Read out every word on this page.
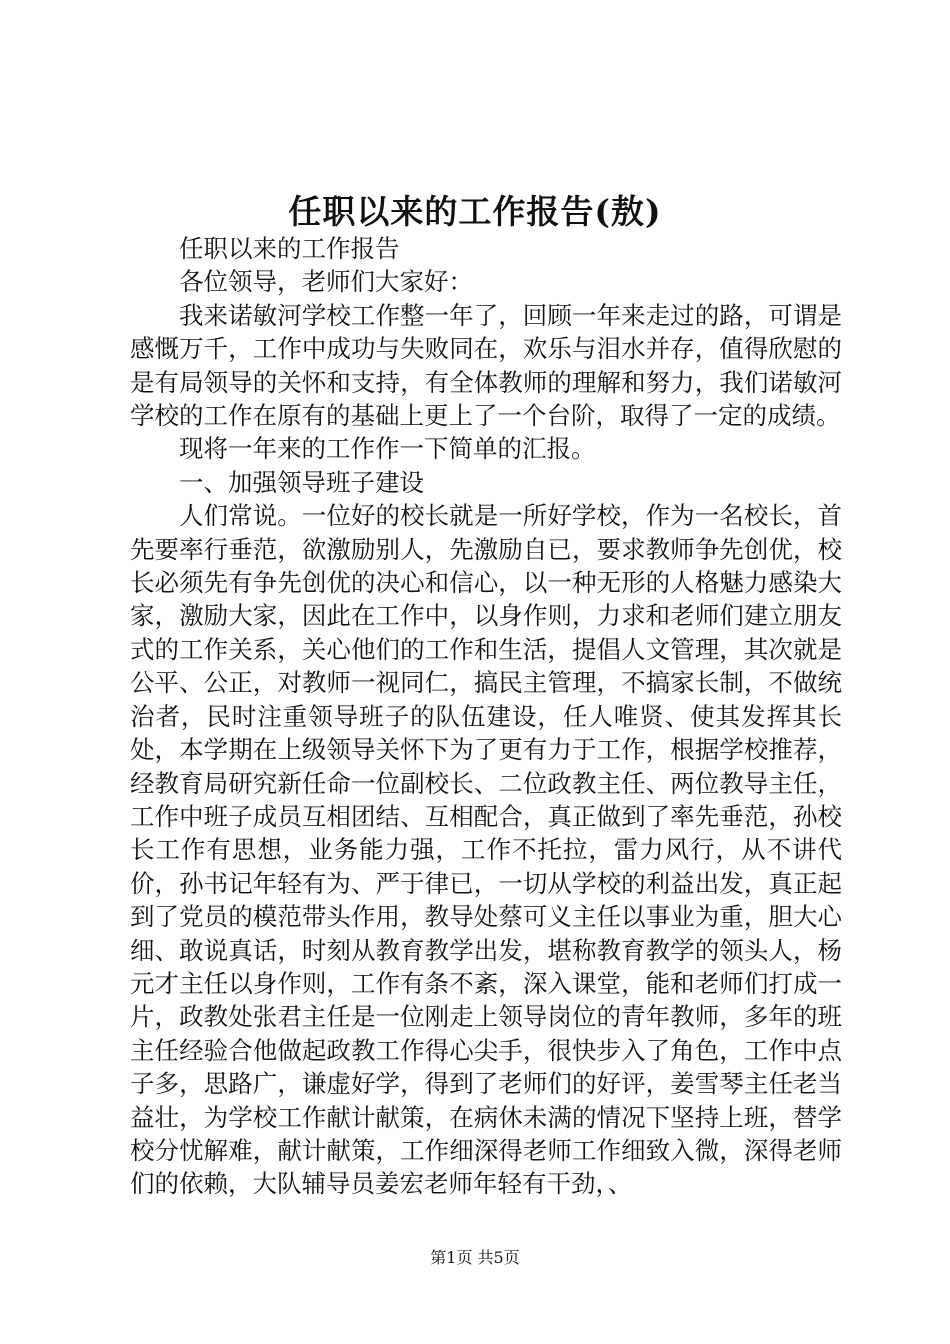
任职以来的工作报告(敖)

任职以来的工作报告

各位领导，老师们大家好：

我来诺敏河学校工作整一年了，回顾一年来走过的路，可谓是感慨万千，工作中成功与失败同在，欢乐与泪水并存，值得欣慰的是有局领导的关怀和支持，有全体教师的理解和努力，我们诺敏河学校的工作在原有的基础上更上了一个台阶，取得了一定的成绩。

现将一年来的工作作一下简单的汇报。

一、加强领导班子建设

人们常说。一位好的校长就是一所好学校，作为一名校长，首先要率行垂范，欲激励别人，先激励自已，要求教师争先创优，校长必须先有争先创优的决心和信心，以一种无形的人格魅力感染大家，激励大家，因此在工作中，以身作则，力求和老师们建立朋友式的工作关系，关心他们的工作和生活，提倡人文管理，其次就是公平、公正，对教师一视同仁，搞民主管理，不搞家长制，不做统治者，民时注重领导班子的队伍建设，任人唯贤、使其发挥其长处，本学期在上级领导关怀下为了更有力于工作，根据学校推荐，经教育局研究新任命一位副校长、二位政教主任、两位教导主任，工作中班子成员互相团结、互相配合，真正做到了率先垂范，孙校长工作有思想，业务能力强，工作不托拉，雷力风行，从不讲代价，孙书记年轻有为、严于律已，一切从学校的利益出发，真正起到了党员的模范带头作用，教导处蔡可义主任以事业为重，胆大心细、敢说真话，时刻从教育教学出发，堪称教育教学的领头人，杨元才主任以身作则，工作有条不紊，深入课堂，能和老师们打成一片，政教处张君主任是一位刚走上领导岗位的青年教师，多年的班主任经验合他做起政教工作得心尖手，很快步入了角色，工作中点子多，思路广，谦虚好学，得到了老师们的好评，姜雪琴主任老当益壮，为学校工作献计献策，在病休未满的情况下坚持上班，替学校分忧解难，献计献策，工作细深得老师工作细致入微，深得老师们的依赖，大队辅导员姜宏老师年轻有干劲，、

第1页 共5页
